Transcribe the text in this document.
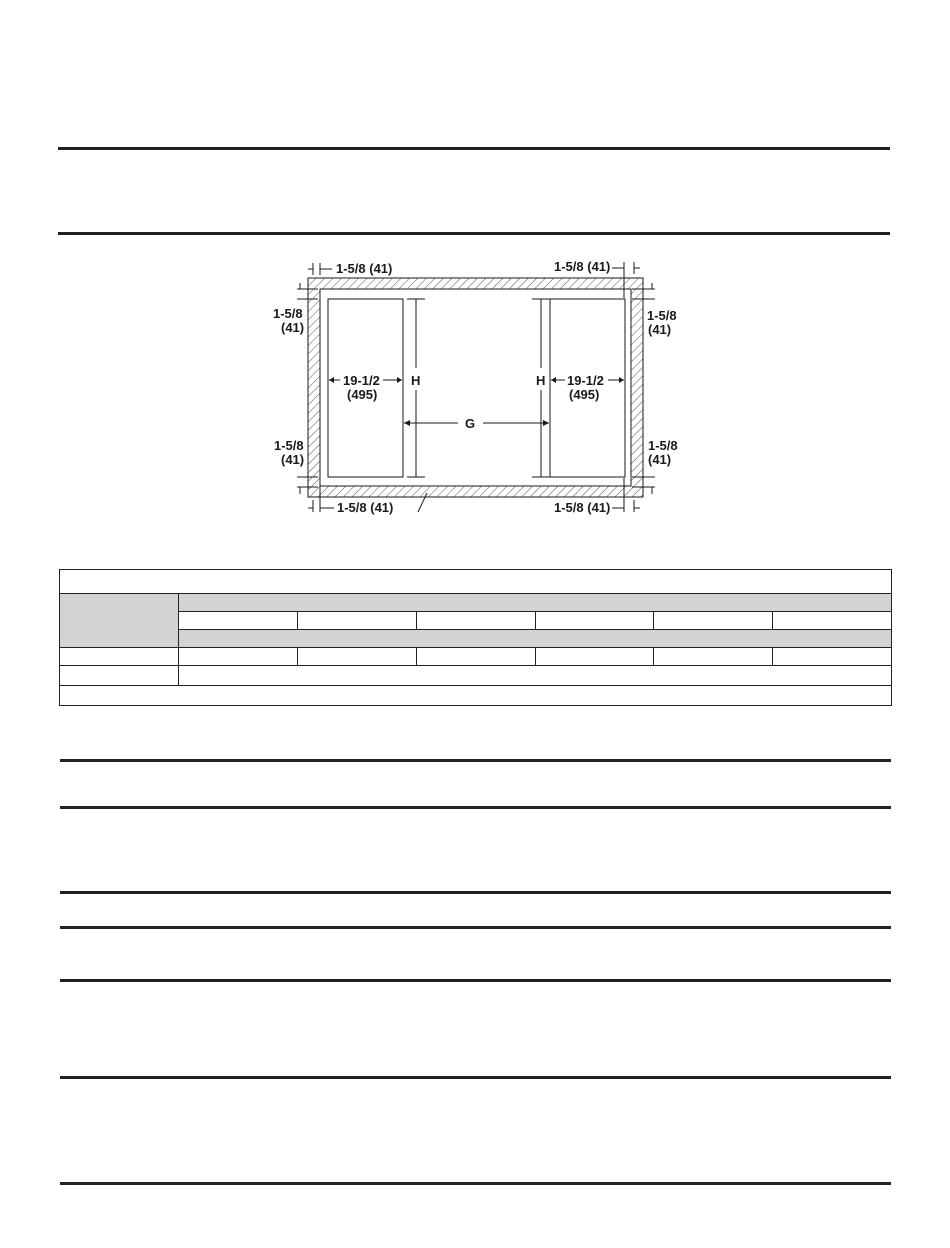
1-5/8 (41)	1-5/8 (41)
1-5/8 (41)	1-5/8 (41)
1-5/8
(41)
1-5/8
(41)
1-5/8
(41)
1-5/8
(41)
19-1/2
(495)
19-1/2
(495)
H	H
G
